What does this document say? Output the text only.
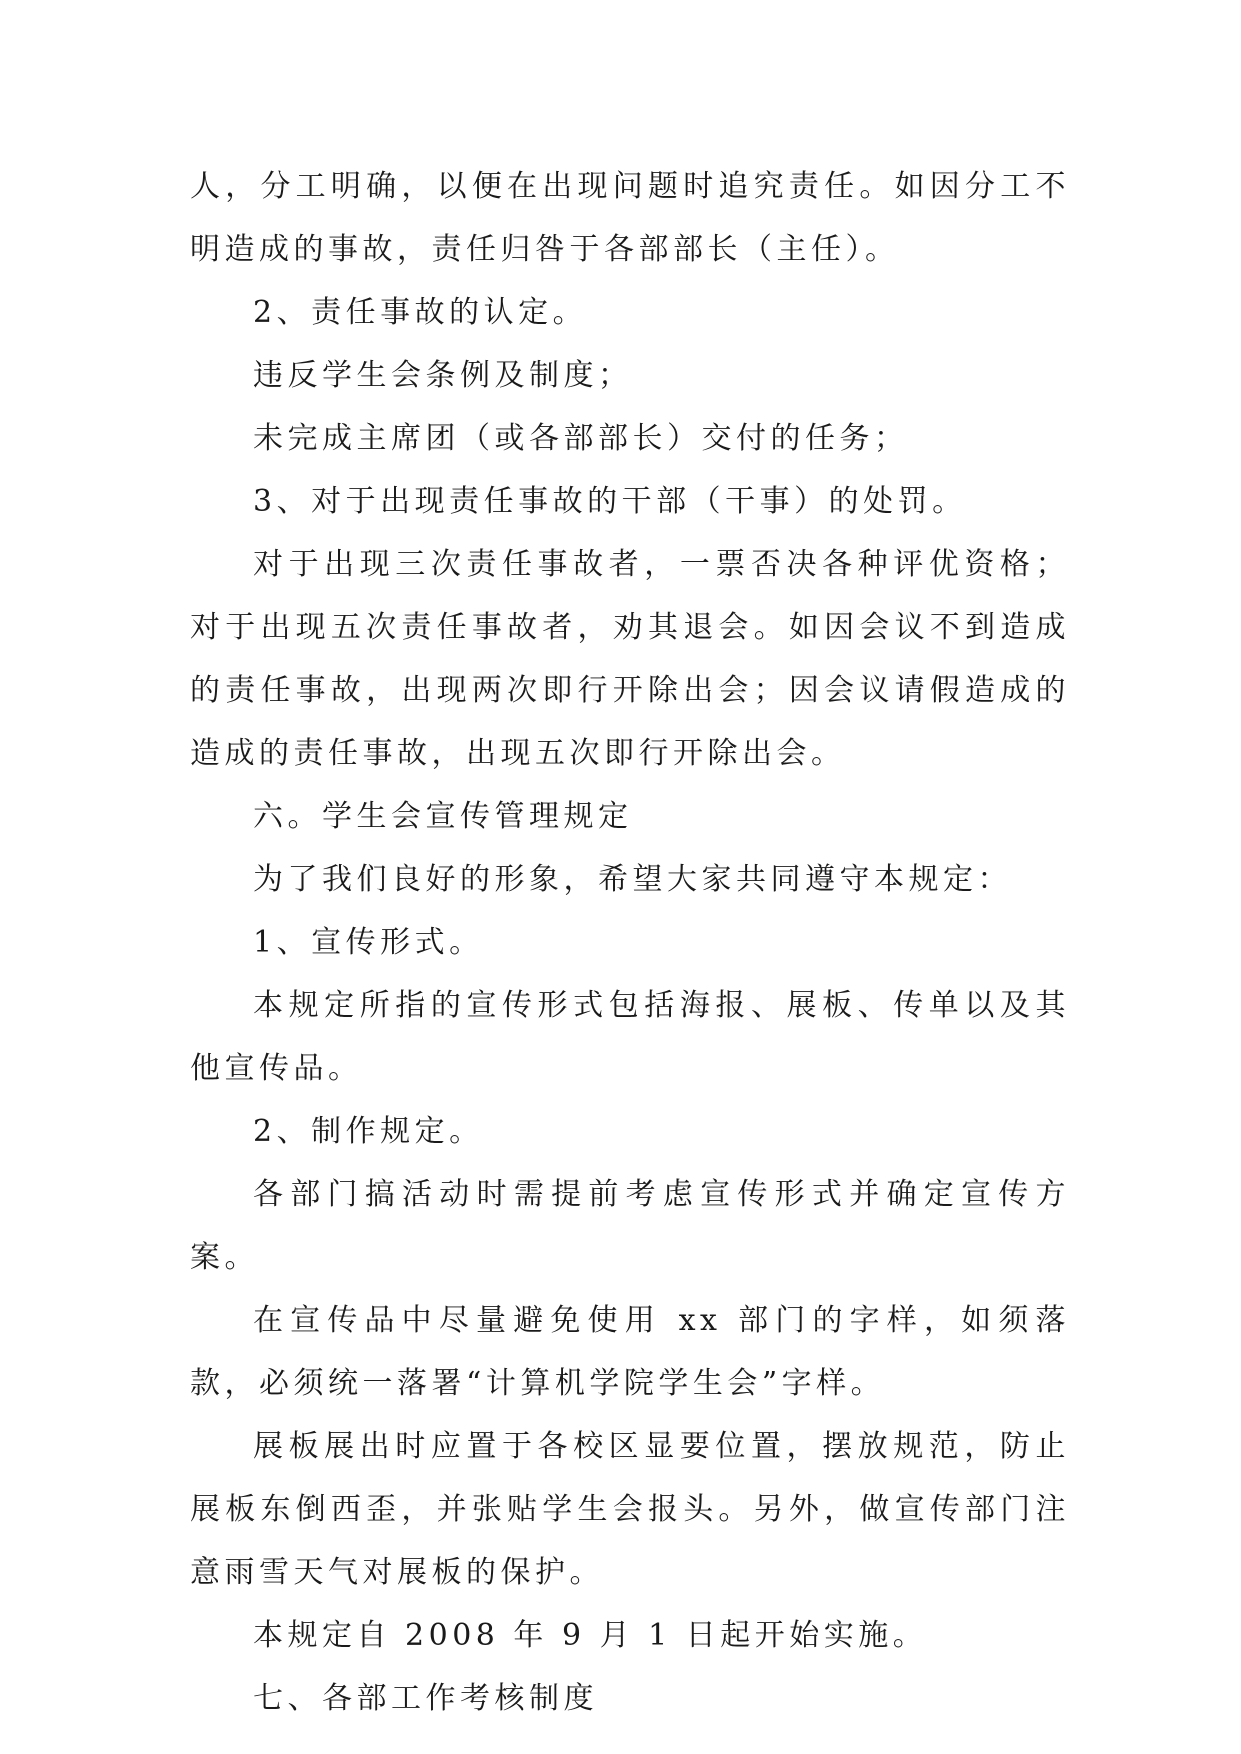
人，分工明确，以便在出现问题时追究责任。如因分工不明造成的事故，责任归咎于各部部长（主任）。

2、责任事故的认定。

违反学生会条例及制度；

未完成主席团（或各部部长）交付的任务；

3、对于出现责任事故的干部（干事）的处罚。

对于出现三次责任事故者，一票否决各种评优资格；对于出现五次责任事故者，劝其退会。如因会议不到造成的责任事故，出现两次即行开除出会；因会议请假造成的造成的责任事故，出现五次即行开除出会。

六。学生会宣传管理规定

为了我们良好的形象，希望大家共同遵守本规定：

1、宣传形式。

本规定所指的宣传形式包括海报、展板、传单以及其他宣传品。

2、制作规定。

各部门搞活动时需提前考虑宣传形式并确定宣传方案。

在宣传品中尽量避免使用 xx 部门的字样，如须落款，必须统一落署“计算机学院学生会”字样。

展板展出时应置于各校区显要位置，摆放规范，防止展板东倒西歪，并张贴学生会报头。另外，做宣传部门注意雨雪天气对展板的保护。

本规定自 2008 年 9 月 1 日起开始实施。

七、各部工作考核制度
